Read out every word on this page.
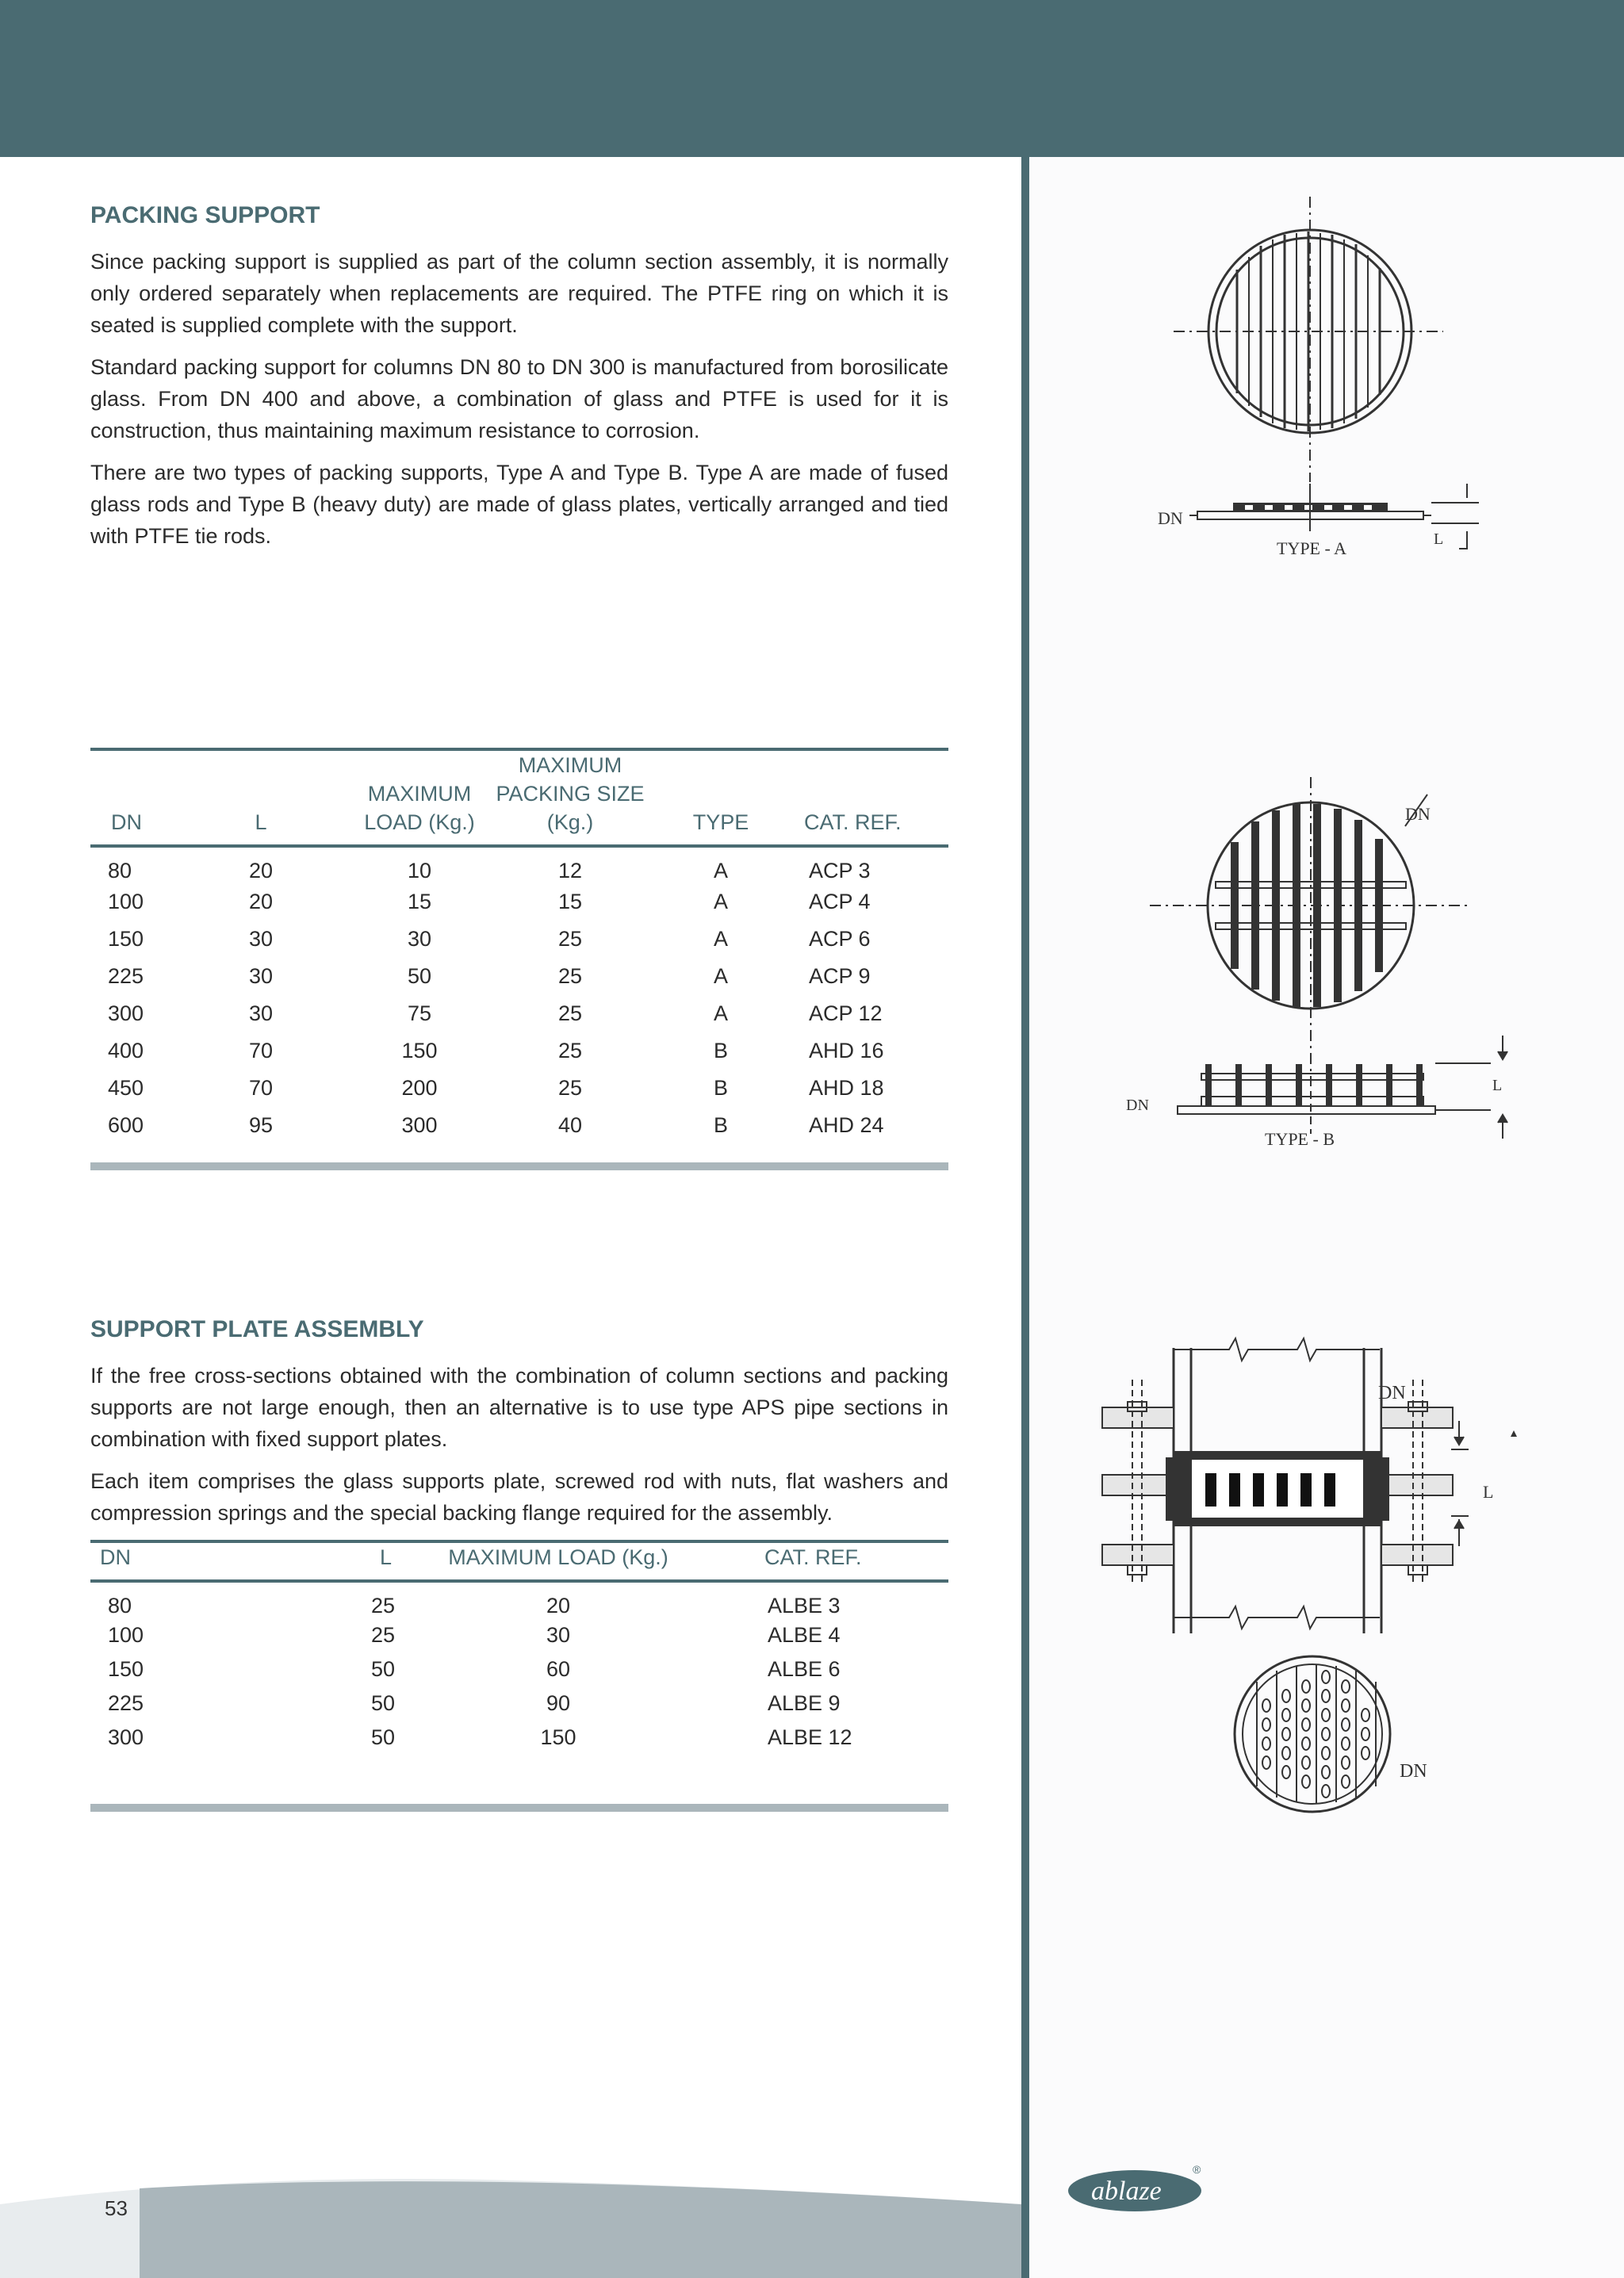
PACKING SUPPORT
Since packing support is supplied as part of the column section assembly, it is normally only ordered separately when replacements are required. The PTFE ring on which it is seated is supplied complete with the support.
Standard packing support for columns DN 80 to DN 300 is manufactured from borosilicate glass. From DN 400 and above, a combination of glass and PTFE is used for it is construction, thus maintaining maximum resistance to corrosion.
There are two types of packing supports, Type A and Type B. Type A are made of fused glass rods and Type B (heavy duty) are made of glass plates, vertically arranged and tied with PTFE tie rods.
DN	L	MAXIMUM LOAD (Kg.)	MAXIMUM PACKING SIZE (Kg.)	TYPE	CAT. REF.
80	20	10	12	A	ACP 3
100	20	15	15	A	ACP 4
150	30	30	25	A	ACP 6
225	30	50	25	A	ACP 9
300	30	75	25	A	ACP 12
400	70	150	25	B	AHD 16
450	70	200	25	B	AHD 18
600	95	300	40	B	AHD 24
SUPPORT PLATE ASSEMBLY
If the free cross-sections obtained with the combination of column sections and packing supports are not large enough, then an alternative is to use type APS pipe sections in combination with fixed support plates.
Each item comprises the glass supports plate, screwed rod with nuts, flat washers and compression springs and the special backing flange required for the assembly.
DN	L	MAXIMUM LOAD (Kg.)	CAT. REF.
80	25	20	ALBE 3
100	25	30	ALBE 4
150	50	60	ALBE 6
225	50	90	ALBE 9
300	50	150	ALBE 12
DN
L
TYPE - A
DN
DN
L
TYPE - B
DN
L
DN
53
ablaze
®
